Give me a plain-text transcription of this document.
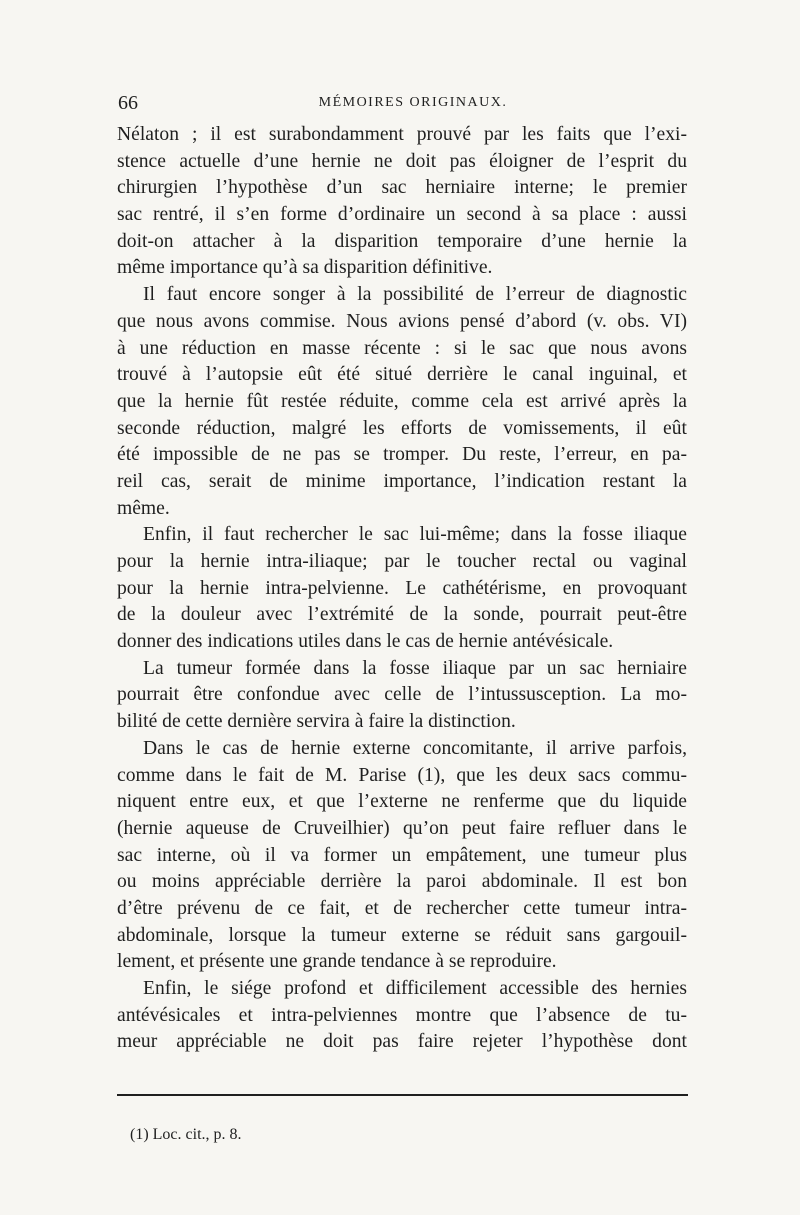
66	MÉMOIRES ORIGINAUX.
Nélaton ; il est surabondamment prouvé par les faits que l’exi-
stence actuelle d’une hernie ne doit pas éloigner de l’esprit du
chirurgien l’hypothèse d’un sac herniaire interne; le premier
sac rentré, il s’en forme d’ordinaire un second à sa place : aussi
doit-on attacher à la disparition temporaire d’une hernie la
même importance qu’à sa disparition définitive.
Il faut encore songer à la possibilité de l’erreur de diagnostic
que nous avons commise. Nous avions pensé d’abord (v. obs. VI)
à une réduction en masse récente : si le sac que nous avons
trouvé à l’autopsie eût été situé derrière le canal inguinal, et
que la hernie fût restée réduite, comme cela est arrivé après la
seconde réduction, malgré les efforts de vomissements, il eût
été impossible de ne pas se tromper. Du reste, l’erreur, en pa-
reil cas, serait de minime importance, l’indication restant la
même.
Enfin, il faut rechercher le sac lui-même; dans la fosse iliaque
pour la hernie intra-iliaque; par le toucher rectal ou vaginal
pour la hernie intra-pelvienne. Le cathétérisme, en provoquant
de la douleur avec l’extrémité de la sonde, pourrait peut-être
donner des indications utiles dans le cas de hernie antévésicale.
La tumeur formée dans la fosse iliaque par un sac herniaire
pourrait être confondue avec celle de l’intussusception. La mo-
bilité de cette dernière servira à faire la distinction.
Dans le cas de hernie externe concomitante, il arrive parfois,
comme dans le fait de M. Parise (1), que les deux sacs commu-
niquent entre eux, et que l’externe ne renferme que du liquide
(hernie aqueuse de Cruveilhier) qu’on peut faire refluer dans le
sac interne, où il va former un empâtement, une tumeur plus
ou moins appréciable derrière la paroi abdominale. Il est bon
d’être prévenu de ce fait, et de rechercher cette tumeur intra-
abdominale, lorsque la tumeur externe se réduit sans gargouil-
lement, et présente une grande tendance à se reproduire.
Enfin, le siége profond et difficilement accessible des hernies
antévésicales et intra-pelviennes montre que l’absence de tu-
meur appréciable ne doit pas faire rejeter l’hypothèse dont
(1) Loc. cit., p. 8.
